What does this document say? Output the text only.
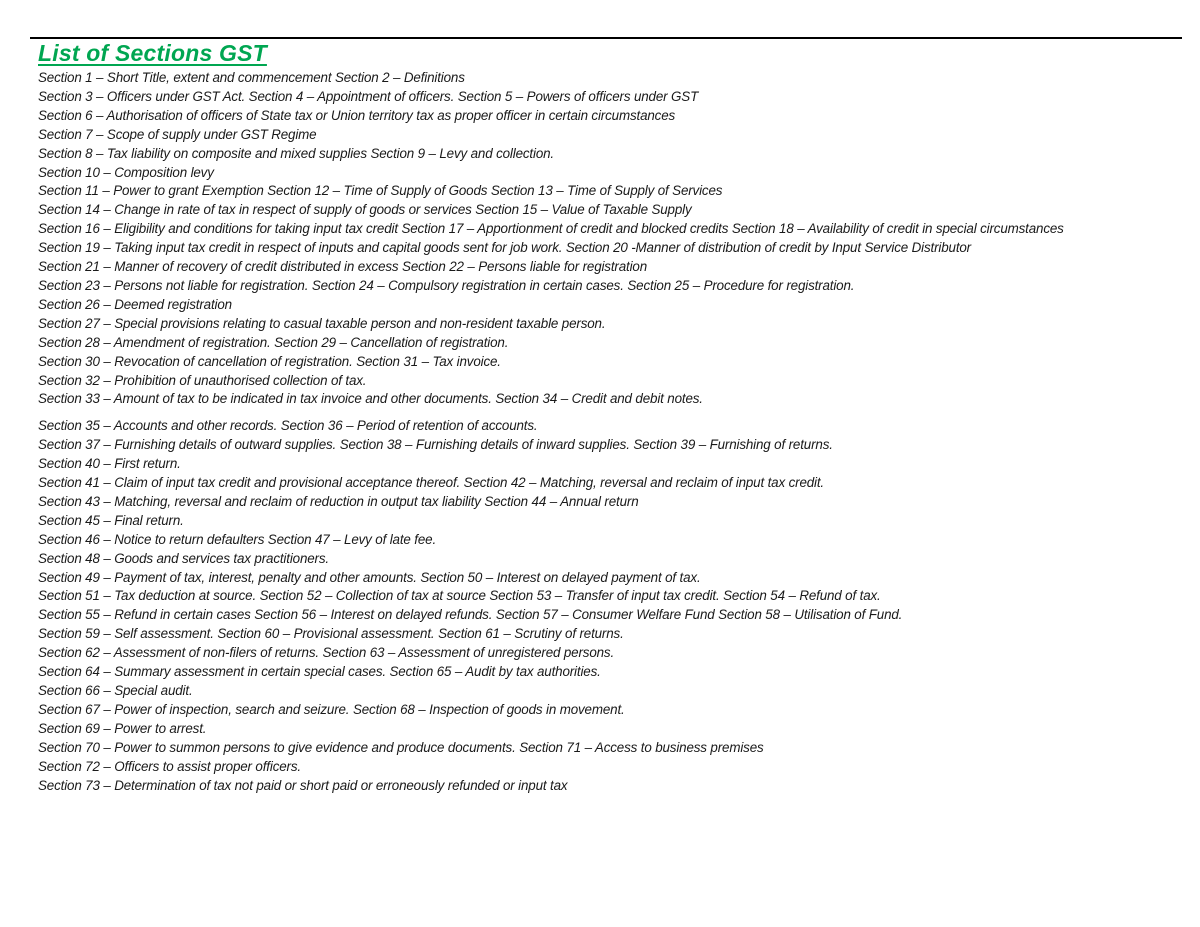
List of Sections GST
Section 1 – Short Title, extent and commencement Section 2 – Definitions
Section 3 – Officers under GST Act. Section 4 – Appointment of officers. Section 5 – Powers of officers under GST
Section 6 – Authorisation of officers of State tax or Union territory tax as proper officer in certain circumstances
Section 7 – Scope of supply under GST Regime
Section 8 – Tax liability on composite and mixed supplies Section 9 – Levy and collection.
Section 10 – Composition levy
Section 11 – Power to grant Exemption Section 12 – Time of Supply of Goods Section 13 – Time of Supply of Services
Section 14 – Change in rate of tax in respect of supply of goods or services Section 15 – Value of Taxable Supply
Section 16 – Eligibility and conditions for taking input tax credit Section 17 – Apportionment of credit and blocked credits Section 18 – Availability of credit in special circumstances
Section 19 – Taking input tax credit in respect of inputs and capital goods sent for job work. Section 20 -Manner of distribution of credit by Input Service Distributor
Section 21 – Manner of recovery of credit distributed in excess Section 22 – Persons liable for registration
Section 23 – Persons not liable for registration. Section 24 – Compulsory registration in certain cases. Section 25 – Procedure for registration.
Section 26 – Deemed registration
Section 27 – Special provisions relating to casual taxable person and non-resident taxable person.
Section 28 – Amendment of registration. Section 29 – Cancellation of registration.
Section 30 – Revocation of cancellation of registration. Section 31 – Tax invoice.
Section 32 – Prohibition of unauthorised collection of tax.
Section 33 – Amount of tax to be indicated in tax invoice and other documents. Section 34 – Credit and debit notes.
Section 35 – Accounts and other records. Section 36 – Period of retention of accounts.
Section 37 – Furnishing details of outward supplies. Section 38 – Furnishing details of inward supplies. Section 39 – Furnishing of returns.
Section 40 – First return.
Section 41 – Claim of input tax credit and provisional acceptance thereof. Section 42 – Matching, reversal and reclaim of input tax credit.
Section 43 – Matching, reversal and reclaim of reduction in output tax liability Section 44 – Annual return
Section 45 – Final return.
Section 46 – Notice to return defaulters Section 47 – Levy of late fee.
Section 48 – Goods and services tax practitioners.
Section 49 – Payment of tax, interest, penalty and other amounts. Section 50 – Interest on delayed payment of tax.
Section 51 – Tax deduction at source. Section 52 – Collection of tax at source Section 53 – Transfer of input tax credit. Section 54 – Refund of tax.
Section 55 – Refund in certain cases Section 56 – Interest on delayed refunds. Section 57 – Consumer Welfare Fund Section 58 – Utilisation of Fund.
Section 59 – Self assessment. Section 60 – Provisional assessment. Section 61 – Scrutiny of returns.
Section 62 – Assessment of non-filers of returns. Section 63 – Assessment of unregistered persons.
Section 64 – Summary assessment in certain special cases. Section 65 – Audit by tax authorities.
Section 66 – Special audit.
Section 67 – Power of inspection, search and seizure. Section 68 – Inspection of goods in movement.
Section 69 – Power to arrest.
Section 70 – Power to summon persons to give evidence and produce documents. Section 71 – Access to business premises
Section 72 – Officers to assist proper officers.
Section 73 – Determination of tax not paid or short paid or erroneously refunded or input tax
